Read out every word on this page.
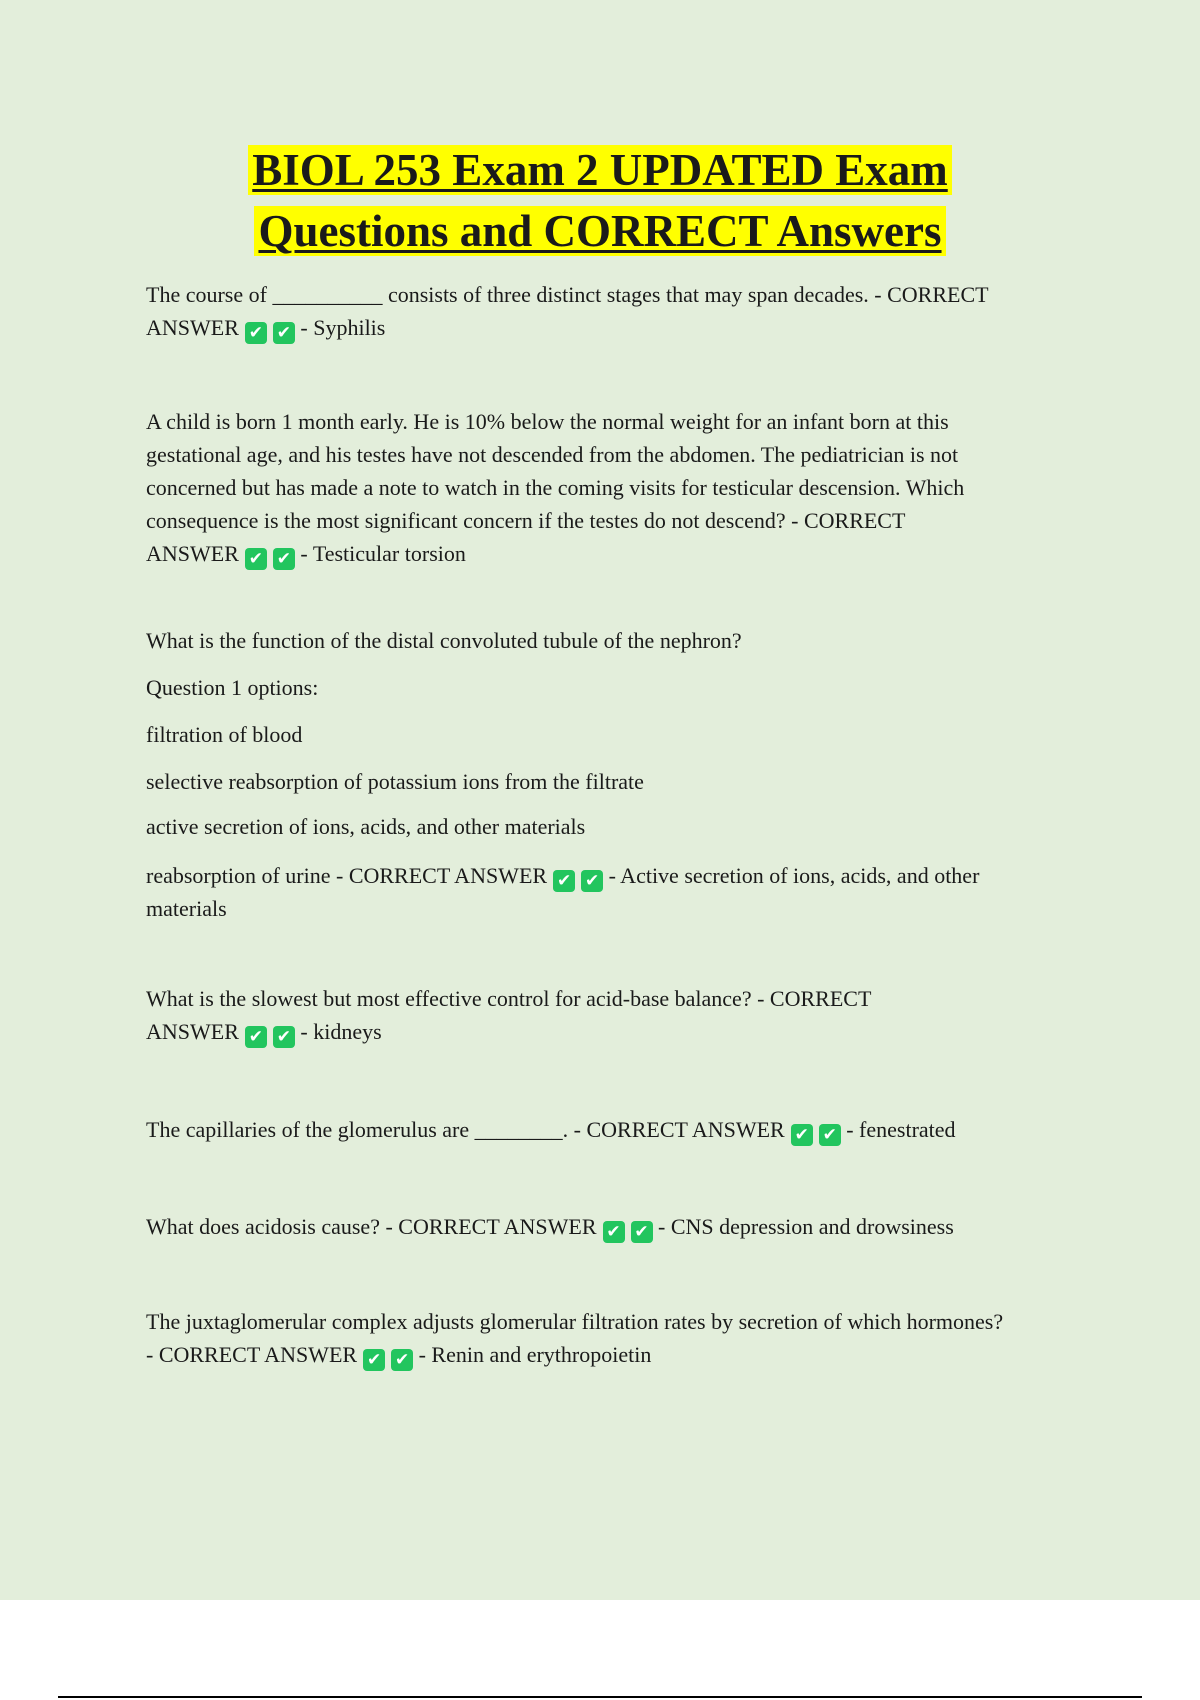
BIOL 253 Exam 2 UPDATED Exam
Questions and CORRECT Answers

The course of __________ consists of three distinct stages that may span decades. - CORRECT
ANSWER ✔ ✔ - Syphilis

A child is born 1 month early. He is 10% below the normal weight for an infant born at this
gestational age, and his testes have not descended from the abdomen. The pediatrician is not
concerned but has made a note to watch in the coming visits for testicular descension. Which
consequence is the most significant concern if the testes do not descend? - CORRECT
ANSWER ✔ ✔ - Testicular torsion

What is the function of the distal convoluted tubule of the nephron?
Question 1 options:
filtration of blood
selective reabsorption of potassium ions from the filtrate
active secretion of ions, acids, and other materials

reabsorption of urine - CORRECT ANSWER ✔ ✔ - Active secretion of ions, acids, and other
materials

What is the slowest but most effective control for acid-base balance? - CORRECT
ANSWER ✔ ✔ - kidneys

The capillaries of the glomerulus are ________. - CORRECT ANSWER ✔ ✔ - fenestrated

What does acidosis cause? - CORRECT ANSWER ✔ ✔ - CNS depression and drowsiness

The juxtaglomerular complex adjusts glomerular filtration rates by secretion of which hormones?
- CORRECT ANSWER ✔ ✔ - Renin and erythropoietin
